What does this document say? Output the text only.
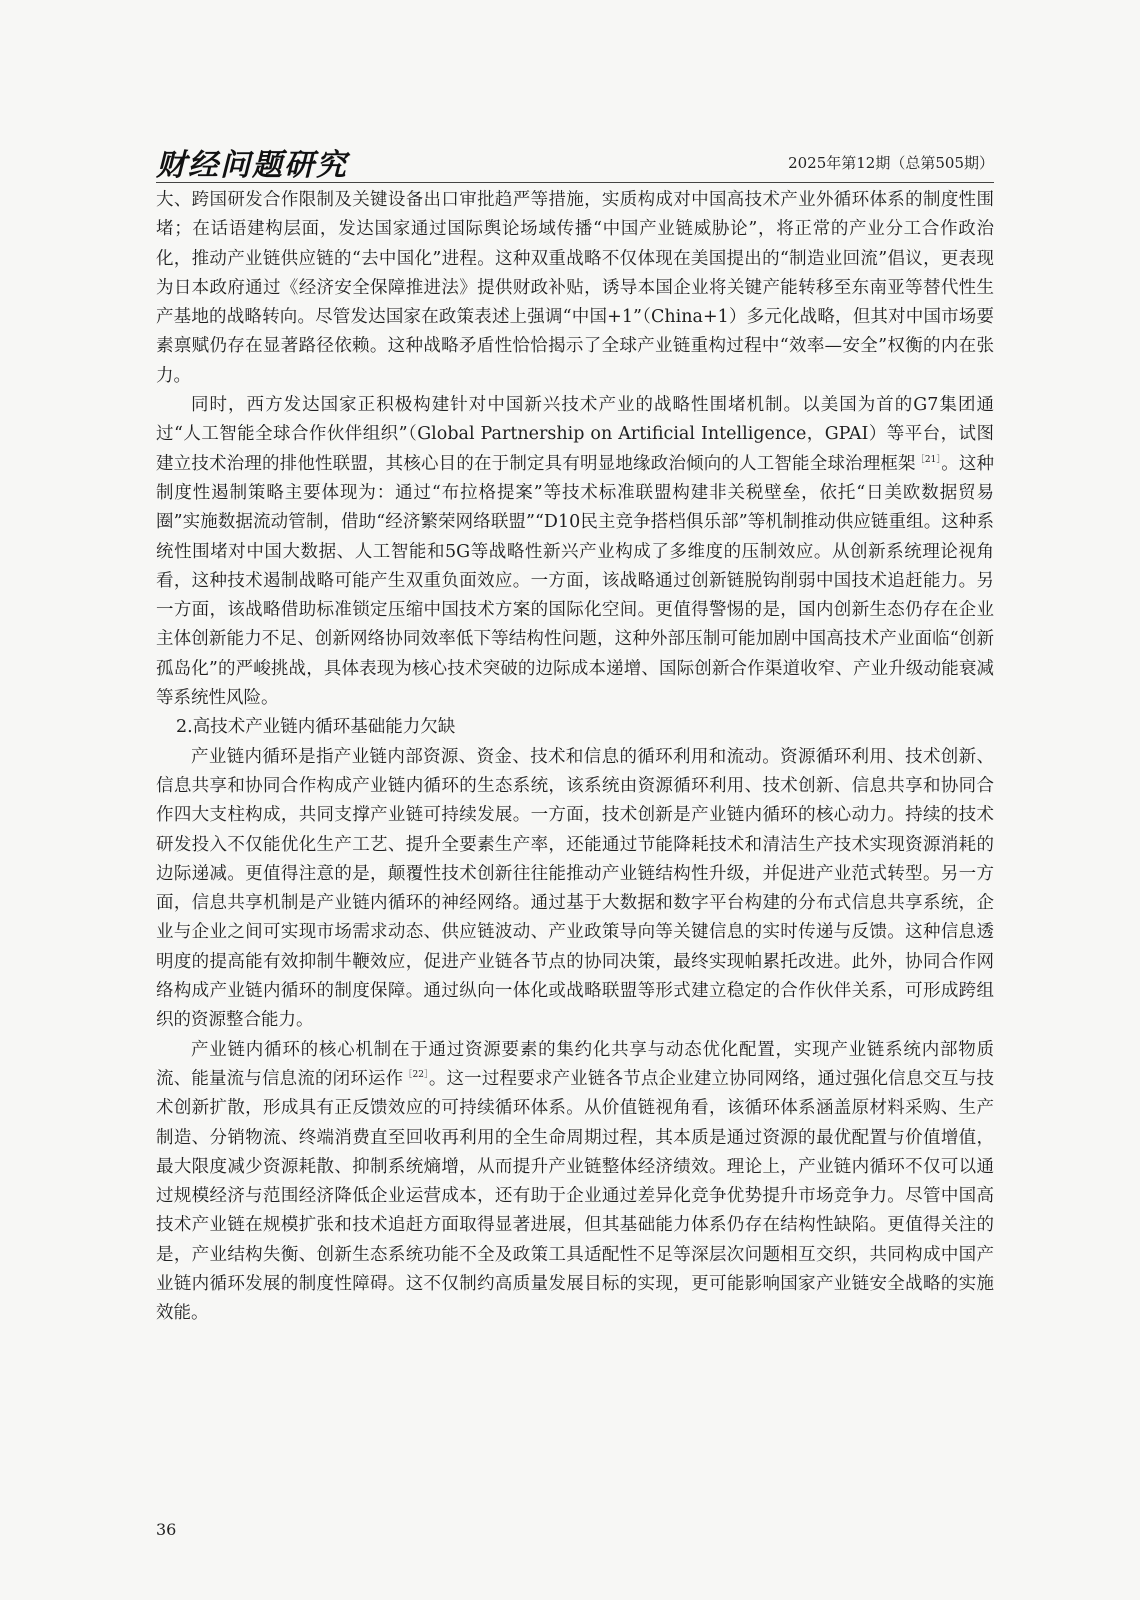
财经问题研究	2025年第12期（总第505期）

大、跨国研发合作限制及关键设备出口审批趋严等措施，实质构成对中国高技术产业外循环体系的制度性围堵；在话语建构层面，发达国家通过国际舆论场域传播“中国产业链威胁论”，将正常的产业分工合作政治化，推动产业链供应链的“去中国化”进程。这种双重战略不仅体现在美国提出的“制造业回流”倡议，更表现为日本政府通过《经济安全保障推进法》提供财政补贴，诱导本国企业将关键产能转移至东南亚等替代性生产基地的战略转向。尽管发达国家在政策表述上强调“中国+1”（China+1）多元化战略，但其对中国市场要素禀赋仍存在显著路径依赖。这种战略矛盾性恰恰揭示了全球产业链重构过程中“效率—安全”权衡的内在张力。

同时，西方发达国家正积极构建针对中国新兴技术产业的战略性围堵机制。以美国为首的G7集团通过“人工智能全球合作伙伴组织”（Global Partnership on Artificial Intelligence，GPAI）等平台，试图建立技术治理的排他性联盟，其核心目的在于制定具有明显地缘政治倾向的人工智能全球治理框架$^{[21]}$。这种制度性遏制策略主要体现为：通过“布拉格提案”等技术标准联盟构建非关税壁垒，依托“日美欧数据贸易圈”实施数据流动管制，借助“经济繁荣网络联盟”“D10民主竞争搭档俱乐部”等机制推动供应链重组。这种系统性围堵对中国大数据、人工智能和5G等战略性新兴产业构成了多维度的压制效应。从创新系统理论视角看，这种技术遏制战略可能产生双重负面效应。一方面，该战略通过创新链脱钩削弱中国技术追赶能力。另一方面，该战略借助标准锁定压缩中国技术方案的国际化空间。更值得警惕的是，国内创新生态仍存在企业主体创新能力不足、创新网络协同效率低下等结构性问题，这种外部压制可能加剧中国高技术产业面临“创新孤岛化”的严峻挑战，具体表现为核心技术突破的边际成本递增、国际创新合作渠道收窄、产业升级动能衰减等系统性风险。

2.高技术产业链内循环基础能力欠缺

产业链内循环是指产业链内部资源、资金、技术和信息的循环利用和流动。资源循环利用、技术创新、信息共享和协同合作构成产业链内循环的生态系统，该系统由资源循环利用、技术创新、信息共享和协同合作四大支柱构成，共同支撑产业链可持续发展。一方面，技术创新是产业链内循环的核心动力。持续的技术研发投入不仅能优化生产工艺、提升全要素生产率，还能通过节能降耗技术和清洁生产技术实现资源消耗的边际递减。更值得注意的是，颠覆性技术创新往往能推动产业链结构性升级，并促进产业范式转型。另一方面，信息共享机制是产业链内循环的神经网络。通过基于大数据和数字平台构建的分布式信息共享系统，企业与企业之间可实现市场需求动态、供应链波动、产业政策导向等关键信息的实时传递与反馈。这种信息透明度的提高能有效抑制牛鞭效应，促进产业链各节点的协同决策，最终实现帕累托改进。此外，协同合作网络构成产业链内循环的制度保障。通过纵向一体化或战略联盟等形式建立稳定的合作伙伴关系，可形成跨组织的资源整合能力。

产业链内循环的核心机制在于通过资源要素的集约化共享与动态优化配置，实现产业链系统内部物质流、能量流与信息流的闭环运作$^{[22]}$。这一过程要求产业链各节点企业建立协同网络，通过强化信息交互与技术创新扩散，形成具有正反馈效应的可持续循环体系。从价值链视角看，该循环体系涵盖原材料采购、生产制造、分销物流、终端消费直至回收再利用的全生命周期过程，其本质是通过资源的最优配置与价值增值，最大限度减少资源耗散、抑制系统熵增，从而提升产业链整体经济绩效。理论上，产业链内循环不仅可以通过规模经济与范围经济降低企业运营成本，还有助于企业通过差异化竞争优势提升市场竞争力。尽管中国高技术产业链在规模扩张和技术追赶方面取得显著进展，但其基础能力体系仍存在结构性缺陷。更值得关注的是，产业结构失衡、创新生态系统功能不全及政策工具适配性不足等深层次问题相互交织，共同构成中国产业链内循环发展的制度性障碍。这不仅制约高质量发展目标的实现，更可能影响国家产业链安全战略的实施效能。

36
